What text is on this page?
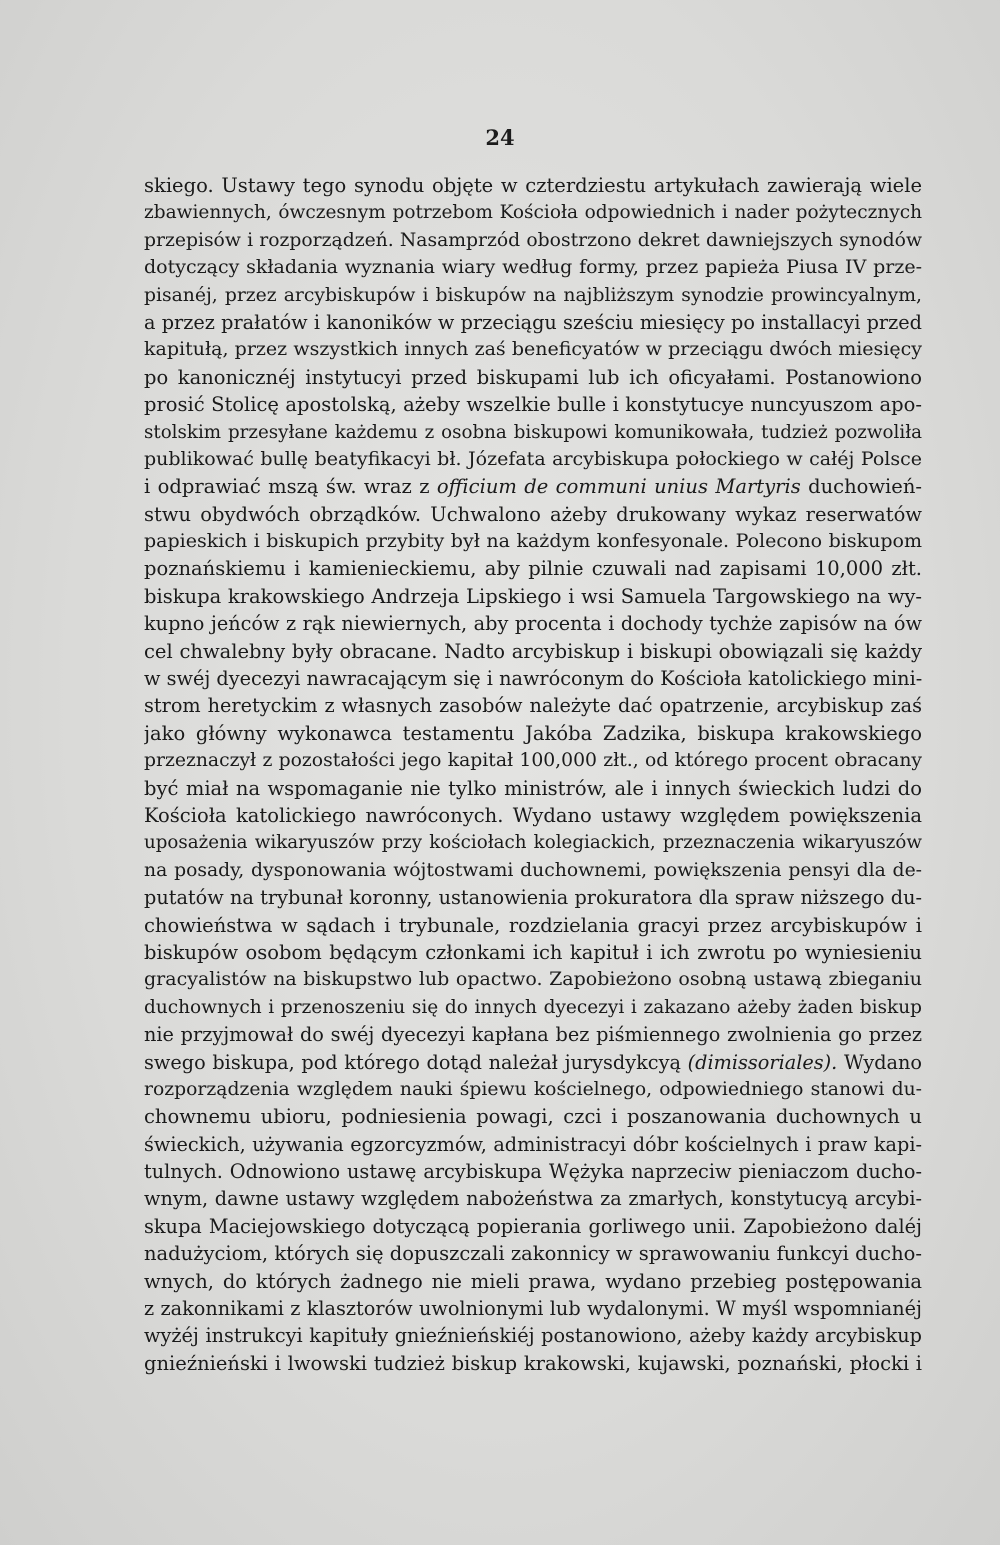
24
skiego. Ustawy tego synodu objęte w czterdziestu artykułach zawierają wiele
zbawiennych, ówczesnym potrzebom Kościoła odpowiednich i nader pożytecznych
przepisów i rozporządzeń. Nasamprzód obostrzono dekret dawniejszych synodów
dotyczący składania wyznania wiary według formy, przez papieża Piusa IV prze-
pisanéj, przez arcybiskupów i biskupów na najbliższym synodzie prowincyalnym,
a przez prałatów i kanoników w przeciągu sześciu miesięcy po installacyi przed
kapitułą, przez wszystkich innych zaś beneficyatów w przeciągu dwóch miesięcy
po kanonicznéj instytucyi przed biskupami lub ich oficyałami. Postanowiono
prosić Stolicę apostolską, ażeby wszelkie bulle i konstytucye nuncyuszom apo-
stolskim przesyłane każdemu z osobna biskupowi komunikowała, tudzież pozwoliła
publikować bullę beatyfikacyi bł. Józefata arcybiskupa połockiego w całéj Polsce
i odprawiać mszą św. wraz z officium de communi unius Martyris duchowień-
stwu obydwóch obrządków. Uchwalono ażeby drukowany wykaz reserwatów
papieskich i biskupich przybity był na każdym konfesyonale. Polecono biskupom
poznańskiemu i kamienieckiemu, aby pilnie czuwali nad zapisami 10,000 złt.
biskupa krakowskiego Andrzeja Lipskiego i wsi Samuela Targowskiego na wy-
kupno jeńców z rąk niewiernych, aby procenta i dochody tychże zapisów na ów
cel chwalebny były obracane. Nadto arcybiskup i biskupi obowiązali się każdy
w swéj dyecezyi nawracającym się i nawróconym do Kościoła katolickiego mini-
strom heretyckim z własnych zasobów należyte dać opatrzenie, arcybiskup zaś
jako główny wykonawca testamentu Jakóba Zadzika, biskupa krakowskiego
przeznaczył z pozostałości jego kapitał 100,000 złt., od którego procent obracany
być miał na wspomaganie nie tylko ministrów, ale i innych świeckich ludzi do
Kościoła katolickiego nawróconych. Wydano ustawy względem powiększenia
uposażenia wikaryuszów przy kościołach kolegiackich, przeznaczenia wikaryuszów
na posady, dysponowania wójtostwami duchownemi, powiększenia pensyi dla de-
putatów na trybunał koronny, ustanowienia prokuratora dla spraw niższego du-
chowieństwa w sądach i trybunale, rozdzielania gracyi przez arcybiskupów i
biskupów osobom będącym członkami ich kapituł i ich zwrotu po wyniesieniu
gracyalistów na biskupstwo lub opactwo. Zapobieżono osobną ustawą zbieganiu
duchownych i przenoszeniu się do innych dyecezyi i zakazano ażeby żaden biskup
nie przyjmował do swéj dyecezyi kapłana bez piśmiennego zwolnienia go przez
swego biskupa, pod którego dotąd należał jurysdykcyą (dimissoriales). Wydano
rozporządzenia względem nauki śpiewu kościelnego, odpowiedniego stanowi du-
chownemu ubioru, podniesienia powagi, czci i poszanowania duchownych u
świeckich, używania egzorcyzmów, administracyi dóbr kościelnych i praw kapi-
tulnych. Odnowiono ustawę arcybiskupa Wężyka naprzeciw pieniaczom ducho-
wnym, dawne ustawy względem nabożeństwa za zmarłych, konstytucyą arcybi-
skupa Maciejowskiego dotyczącą popierania gorliwego unii. Zapobieżono daléj
nadużyciom, których się dopuszczali zakonnicy w sprawowaniu funkcyi ducho-
wnych, do których żadnego nie mieli prawa, wydano przebieg postępowania
z zakonnikami z klasztorów uwolnionymi lub wydalonymi. W myśl wspomnianéj
wyżéj instrukcyi kapituły gnieźnieńskiéj postanowiono, ażeby każdy arcybiskup
gnieźnieński i lwowski tudzież biskup krakowski, kujawski, poznański, płocki i
